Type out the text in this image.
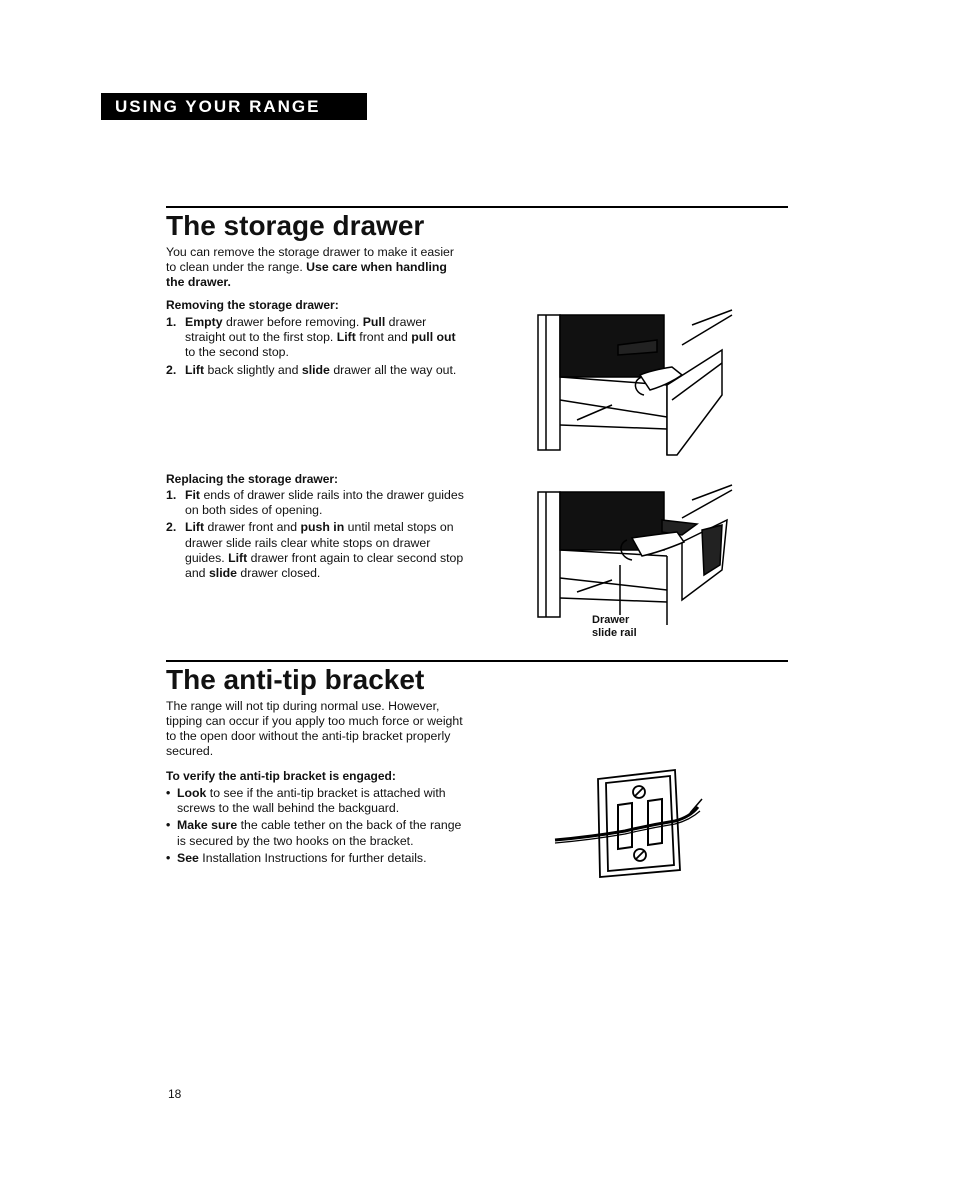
USING YOUR RANGE
The storage drawer
You can remove the storage drawer to make it easier to clean under the range. Use care when handling the drawer.
Removing the storage drawer:
1. Empty drawer before removing. Pull drawer straight out to the first stop. Lift front and pull out to the second stop.
2. Lift back slightly and slide drawer all the way out.
Replacing the storage drawer:
1. Fit ends of drawer slide rails into the drawer guides on both sides of opening.
2. Lift drawer front and push in until metal stops on drawer slide rails clear white stops on drawer guides. Lift drawer front again to clear second stop and slide drawer closed.
Drawer
slide rail
The anti-tip bracket
The range will not tip during normal use. However, tipping can occur if you apply too much force or weight to the open door without the anti-tip bracket properly secured.
To verify the anti-tip bracket is engaged:
• Look to see if the anti-tip bracket is attached with screws to the wall behind the backguard.
• Make sure the cable tether on the back of the range is secured by the two hooks on the bracket.
• See Installation Instructions for further details.
18
